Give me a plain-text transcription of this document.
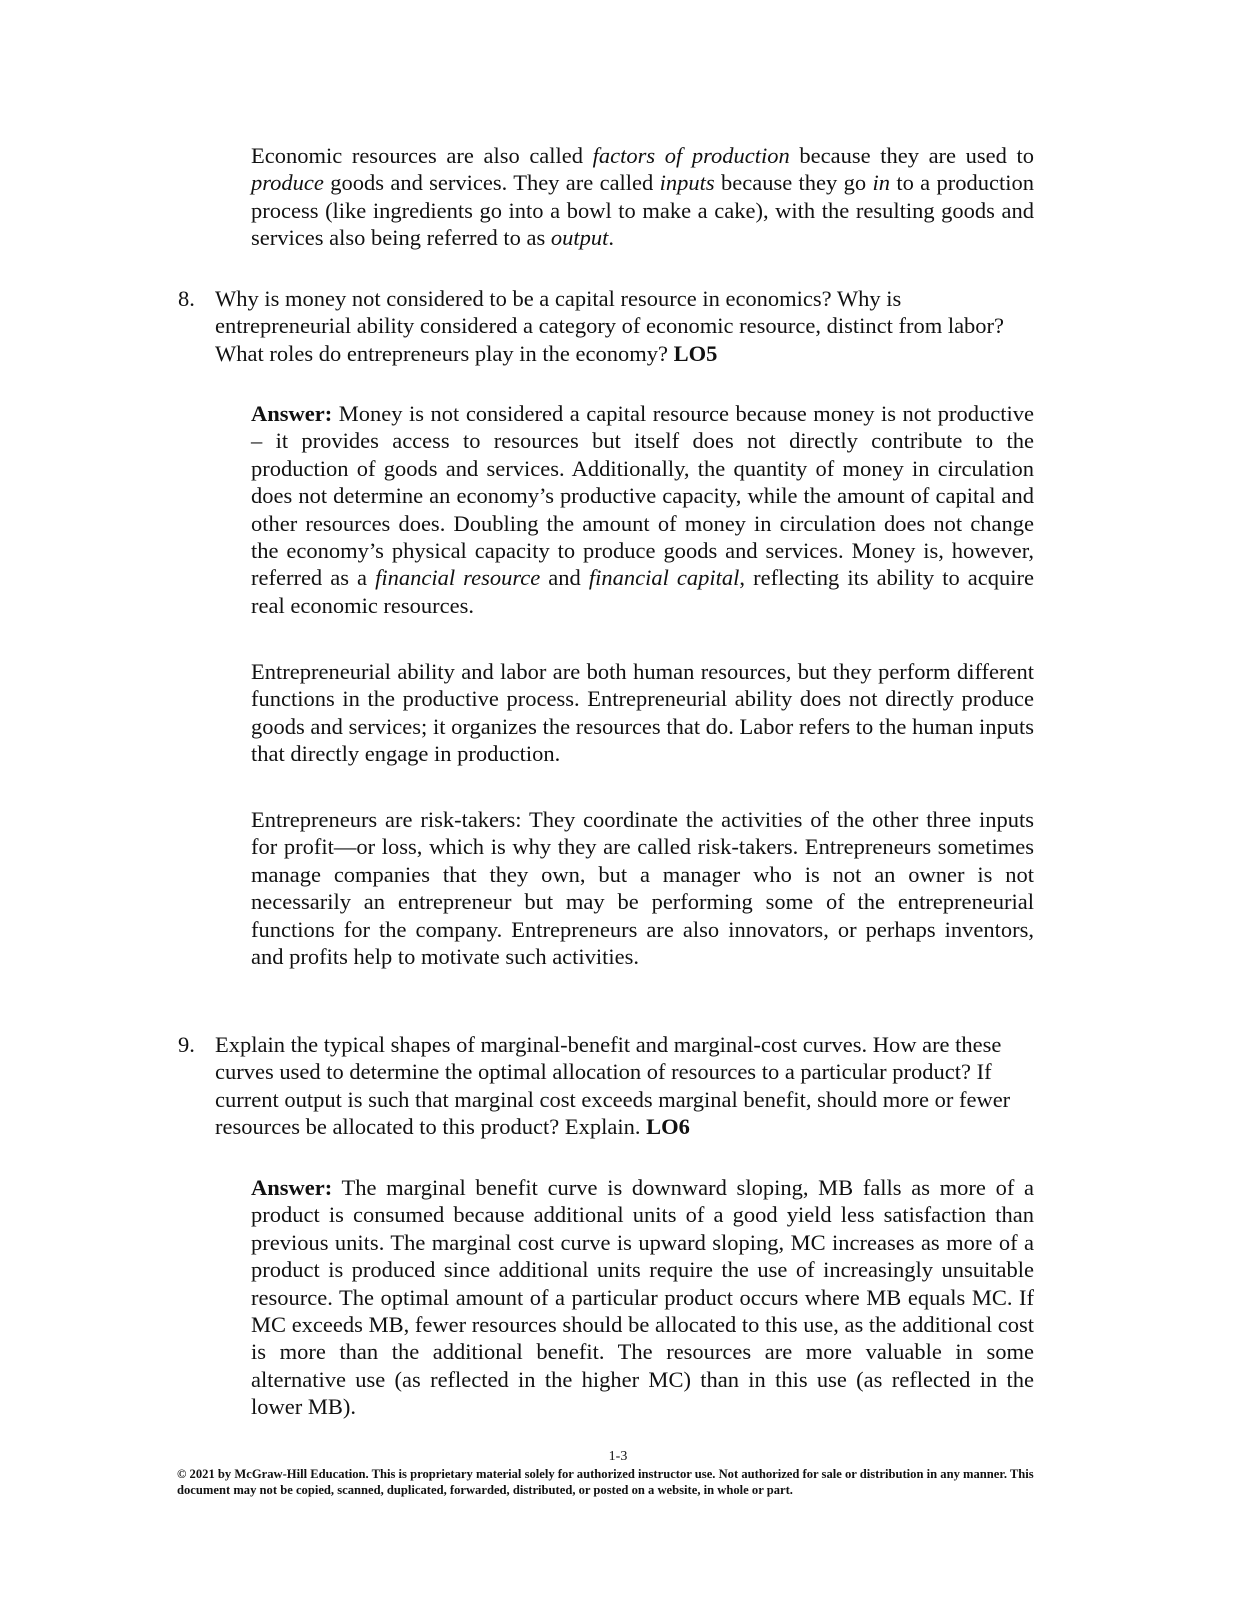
Economic resources are also called factors of production because they are used to produce goods and services. They are called inputs because they go in to a production process (like ingredients go into a bowl to make a cake), with the resulting goods and services also being referred to as output.

8. Why is money not considered to be a capital resource in economics? Why is entrepreneurial ability considered a category of economic resource, distinct from labor? What roles do entrepreneurs play in the economy? LO5

Answer: Money is not considered a capital resource because money is not productive – it provides access to resources but itself does not directly contribute to the production of goods and services. Additionally, the quantity of money in circulation does not determine an economy’s productive capacity, while the amount of capital and other resources does. Doubling the amount of money in circulation does not change the economy’s physical capacity to produce goods and services. Money is, however, referred as a financial resource and financial capital, reflecting its ability to acquire real economic resources.

Entrepreneurial ability and labor are both human resources, but they perform different functions in the productive process. Entrepreneurial ability does not directly produce goods and services; it organizes the resources that do. Labor refers to the human inputs that directly engage in production.

Entrepreneurs are risk-takers: They coordinate the activities of the other three inputs for profit—or loss, which is why they are called risk-takers. Entrepreneurs sometimes manage companies that they own, but a manager who is not an owner is not necessarily an entrepreneur but may be performing some of the entrepreneurial functions for the company. Entrepreneurs are also innovators, or perhaps inventors, and profits help to motivate such activities.

9. Explain the typical shapes of marginal-benefit and marginal-cost curves. How are these curves used to determine the optimal allocation of resources to a particular product? If current output is such that marginal cost exceeds marginal benefit, should more or fewer resources be allocated to this product? Explain. LO6

Answer: The marginal benefit curve is downward sloping, MB falls as more of a product is consumed because additional units of a good yield less satisfaction than previous units. The marginal cost curve is upward sloping, MC increases as more of a product is produced since additional units require the use of increasingly unsuitable resource. The optimal amount of a particular product occurs where MB equals MC. If MC exceeds MB, fewer resources should be allocated to this use, as the additional cost is more than the additional benefit. The resources are more valuable in some alternative use (as reflected in the higher MC) than in this use (as reflected in the lower MB).

1-3

© 2021 by McGraw-Hill Education. This is proprietary material solely for authorized instructor use. Not authorized for sale or distribution in any manner. This document may not be copied, scanned, duplicated, forwarded, distributed, or posted on a website, in whole or part.
